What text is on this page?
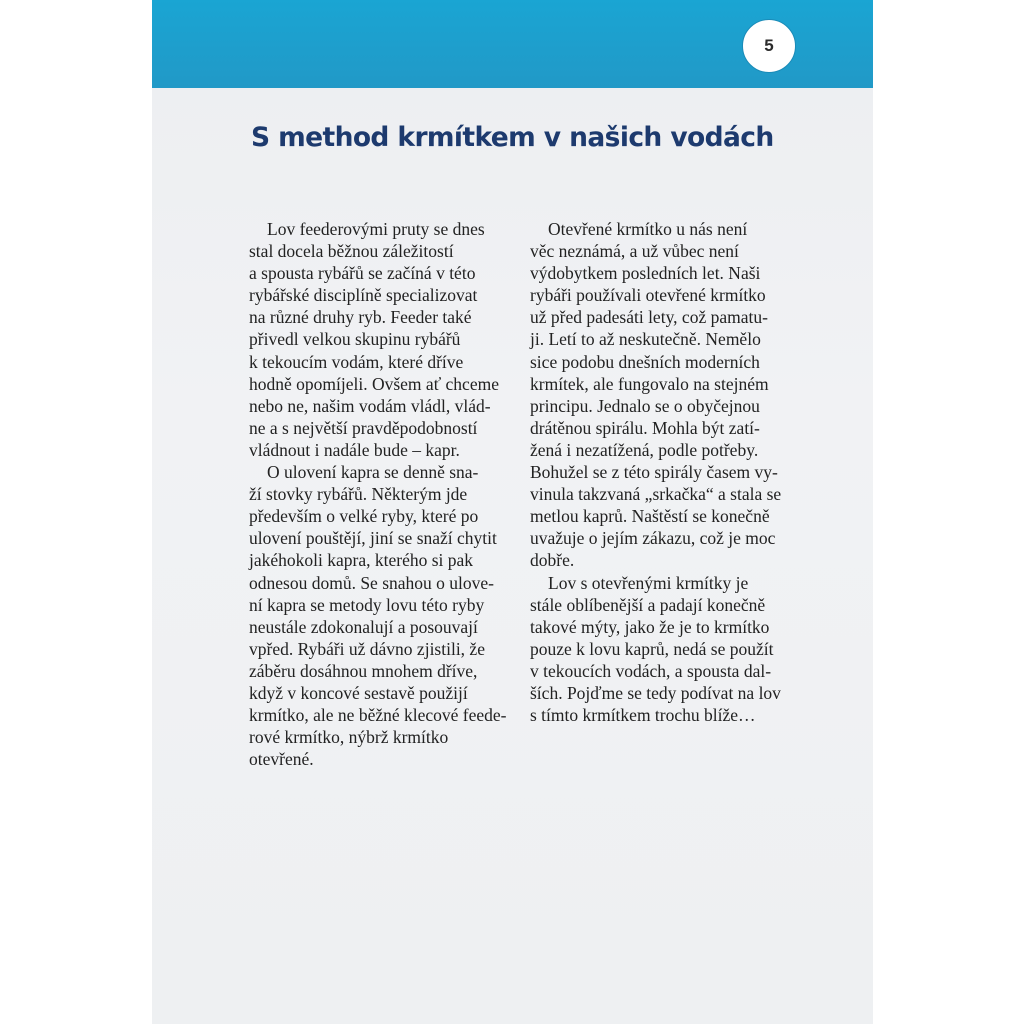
5
S method krmítkem v našich vodách
Lov feederovými pruty se dnes
stal docela běžnou záležitostí
a spousta rybářů se začíná v této
rybářské disciplíně specializovat
na různé druhy ryb. Feeder také
přivedl velkou skupinu rybářů
k tekoucím vodám, které dříve
hodně opomíjeli. Ovšem ať chceme
nebo ne, našim vodám vládl, vlád-
ne a s největší pravděpodobností
vládnout i nadále bude – kapr.
O ulovení kapra se denně sna-
ží stovky rybářů. Některým jde
především o velké ryby, které po
ulovení pouštějí, jiní se snaží chytit
jakéhokoli kapra, kterého si pak
odnesou domů. Se snahou o ulove-
ní kapra se metody lovu této ryby
neustále zdokonalují a posouvají
vpřed. Rybáři už dávno zjistili, že
záběru dosáhnou mnohem dříve,
když v koncové sestavě použijí
krmítko, ale ne běžné klecové feede-
rové krmítko, nýbrž krmítko
otevřené.
Otevřené krmítko u nás není
věc neznámá, a už vůbec není
výdobytkem posledních let. Naši
rybáři používali otevřené krmítko
už před padesáti lety, což pamatu-
ji. Letí to až neskutečně. Nemělo
sice podobu dnešních moderních
krmítek, ale fungovalo na stejném
principu. Jednalo se o obyčejnou
drátěnou spirálu. Mohla být zatí-
žená i nezatížená, podle potřeby.
Bohužel se z této spirály časem vy-
vinula takzvaná „srkačka“ a stala se
metlou kaprů. Naštěstí se konečně
uvažuje o jejím zákazu, což je moc
dobře.
Lov s otevřenými krmítky je
stále oblíbenější a padají konečně
takové mýty, jako že je to krmítko
pouze k lovu kaprů, nedá se použít
v tekoucích vodách, a spousta dal-
ších. Pojďme se tedy podívat na lov
s tímto krmítkem trochu blíže…
